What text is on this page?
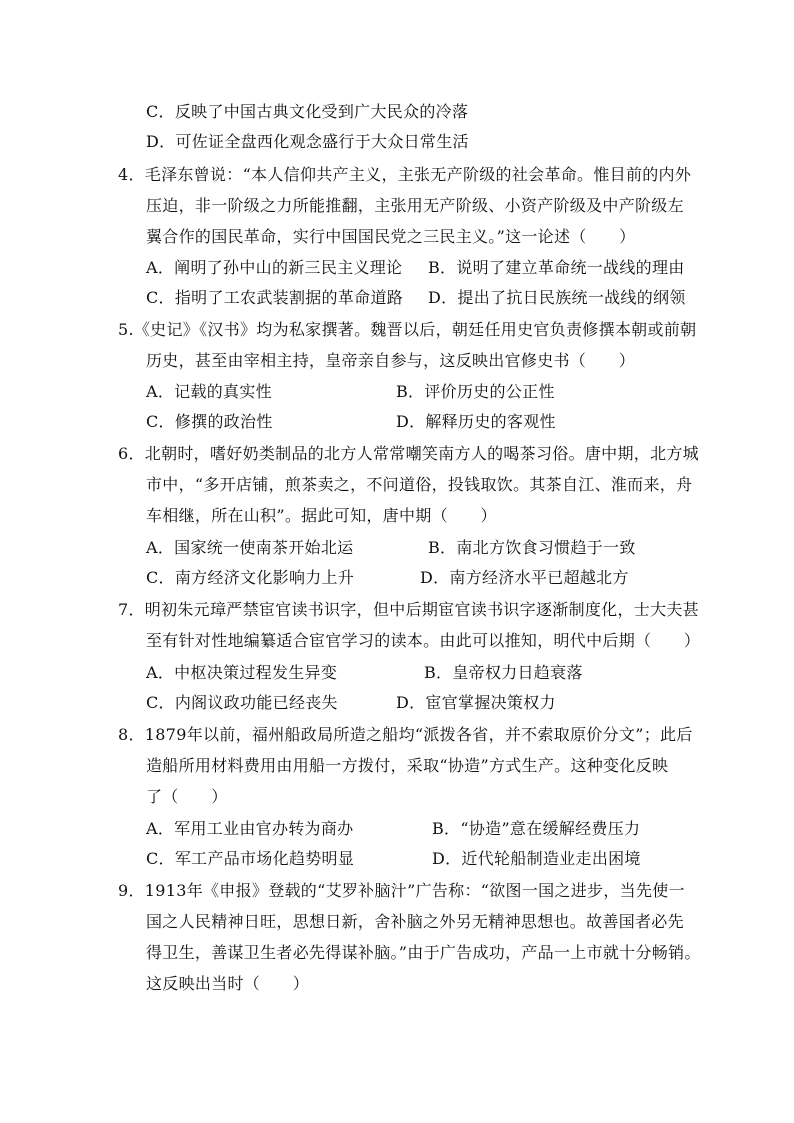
C．反映了中国古典文化受到广大民众的冷落
D．可佐证全盘西化观念盛行于大众日常生活
4．毛泽东曾说：“本人信仰共产主义，主张无产阶级的社会革命。惟目前的内外
压迫，非一阶级之力所能推翻，主张用无产阶级、小资产阶级及中产阶级左
翼合作的国民革命，实行中国国民党之三民主义。”这一论述（　　）
A．阐明了孙中山的新三民主义理论 B．说明了建立革命统一战线的理由
C．指明了工农武装割据的革命道路 D．提出了抗日民族统一战线的纲领
5.《史记》《汉书》均为私家撰著。魏晋以后，朝廷任用史官负责修撰本朝或前朝
历史，甚至由宰相主持，皇帝亲自参与，这反映出官修史书（　　）
A．记载的真实性	B．评价历史的公正性
C．修撰的政治性	D．解释历史的客观性
6．北朝时，嗜好奶类制品的北方人常常嘲笑南方人的喝茶习俗。唐中期，北方城
市中，“多开店铺，煎茶卖之，不问道俗，投钱取饮。其茶自江、淮而来，舟
车相继，所在山积”。据此可知，唐中期（　　）
A．国家统一使南茶开始北运	B．南北方饮食习惯趋于一致
C．南方经济文化影响力上升	D．南方经济水平已超越北方
7．明初朱元璋严禁宦官读书识字，但中后期宦官读书识字逐渐制度化，士大夫甚
至有针对性地编纂适合宦官学习的读本。由此可以推知，明代中后期（　　）
A．中枢决策过程发生异变	B．皇帝权力日趋衰落
C．内阁议政功能已经丧失	D．宦官掌握决策权力
8．1879年以前，福州船政局所造之船均“派拨各省，并不索取原价分文”；此后
造船所用材料费用由用船一方拨付，采取“协造”方式生产。这种变化反映
了（　　）
A．军用工业由官办转为商办	B．“协造”意在缓解经费压力
C．军工产品市场化趋势明显	D．近代轮船制造业走出困境
9．1913年《申报》登载的“艾罗补脑汁”广告称：“欲图一国之进步，当先使一
国之人民精神日旺，思想日新，舍补脑之外另无精神思想也。故善国者必先
得卫生，善谋卫生者必先得谋补脑。”由于广告成功，产品一上市就十分畅销。
这反映出当时（　　）
